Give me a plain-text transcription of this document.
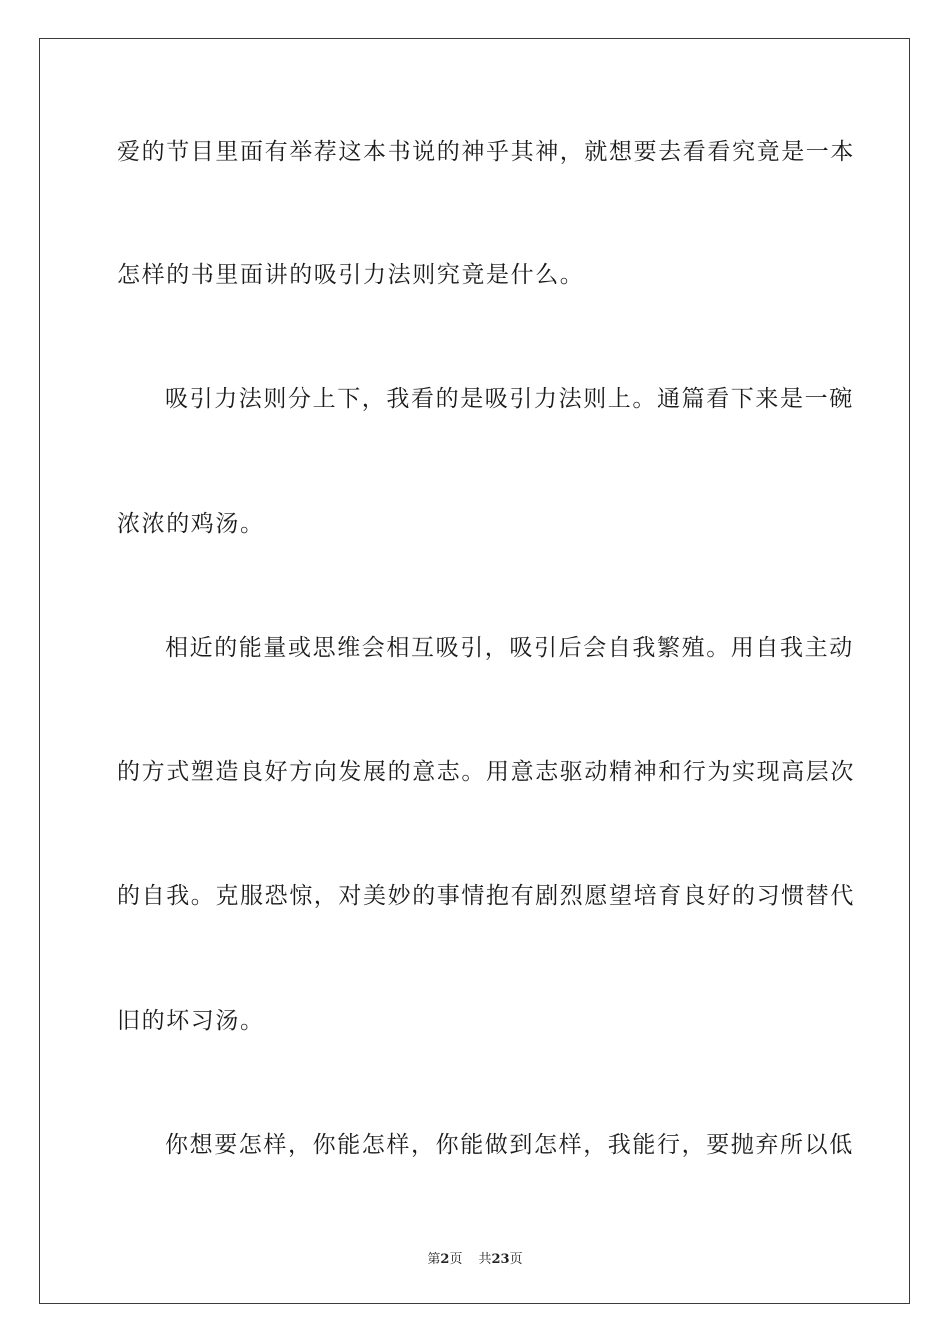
爱的节目里面有举荐这本书说的神乎其神，就想要去看看究竟是一本
怎样的书里面讲的吸引力法则究竟是什么。
吸引力法则分上下，我看的是吸引力法则上。通篇看下来是一碗
浓浓的鸡汤。
相近的能量或思维会相互吸引，吸引后会自我繁殖。用自我主动
的方式塑造良好方向发展的意志。用意志驱动精神和行为实现高层次
的自我。克服恐惊，对美妙的事情抱有剧烈愿望培育良好的习惯替代
旧的坏习汤。
你想要怎样，你能怎样，你能做到怎样，我能行，要抛弃所以低
第2页 共23页
